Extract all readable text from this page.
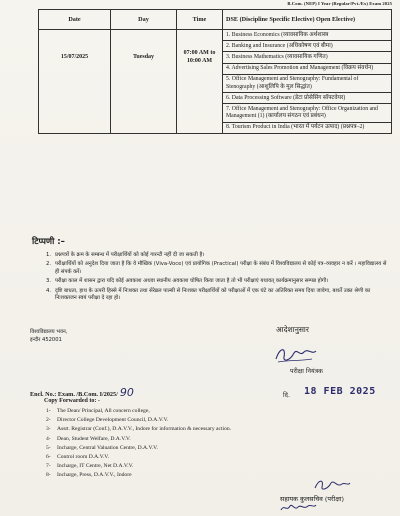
B.Com. (NEP) I Year (Regular/Pvt./Ex) Exam 2025
Date	Day	Time	DSE (Discipline Specific Elective) Open Elective)
15/07/2025	Tuesday	07:00 AM to 10:00 AM	1. Business Economics (व्यावसायिक अर्थशास्त्र
			2. Banking and Insurance (अधिकोषण एवं बीमा)
			3. Business Mathematics (व्यावसायिक गणित)
			4. Advertising Sales Promotion and Management (विक्रय संवर्धन)
			5. Office Management and Stenography: Fundamental of Stenography (आशुलिपि के मूल सिद्धांत)
			6. Data Processing Software (डेटा प्रोसेसिंग सॉफ्टवेयर)
			7. Office Management and Stenography: Office Organization and Management (1) (कार्यालय संगठन एवं प्रबंधन)
			8. Tourism Product in India (भारत में पर्यटन उत्पाद) (प्रश्नपत्र–2)
टिप्पणी :–
1. प्रश्नपत्रों के क्रम के सम्बन्ध में परीक्षार्थियों को कोई गारन्टी नहीं दी जा सकती है।
2. परीक्षार्थियों को अनुदेश दिया जाता है कि वे मौखिक (Viva-Voce) एवं प्रायोगिक (Practical) परीक्षा के संबंध में विश्वविद्यालय से कोई पत्र–व्यवहार न करें । महाविद्यालय से ही संपर्क करें।
3. परीक्षा काल में शासन द्वारा यदि कोई अवकाश अथवा स्थानीय अवकाश घोषित किया जाता है तो भी परीक्षाएं यथावत् कार्यक्रमानुसार सम्पन्न होगी।
4. दृष्टि बाधता, हाथ के ऊपरी हिस्से में निःशक्त तथा सेरेब्रल पाल्सी से निःशक्त परीक्षार्थियों को परीक्षाओं में एक घंटे का अतिरिक्त समय दिया जावेगा, बशर्ते उक्त श्रेणी का निःशक्तजन स्वयं परीक्षा दे रहा हो।
विश्वविद्यालय भवन,
इन्दौर 452001
आदेशानुसार
परीक्षा नियंत्रक
Encl. No.: Exam. /B.Com. I/2025/ 90	दि. 18 FEB 2025
Copy Forwarded to: -
1-	The Dean/ Principal, All concern college,
2-	Director College Development Council, D.A.V.V.
3-	Asstt. Registrar (Conf.), D.A.V.V., Indore for information & necessary action.
4-	Dean, Student Welfare, D.A.V.V.
5-	Incharge, Central Valuation Centre, D.A.V.V.
6-	Control room D.A.V.V.
7-	Incharge, IT Centre, Net D.A.V.V.
8-	Incharge, Press, D.A.V.V., Indore
सहायक कुलसचिव (परीक्षा)
